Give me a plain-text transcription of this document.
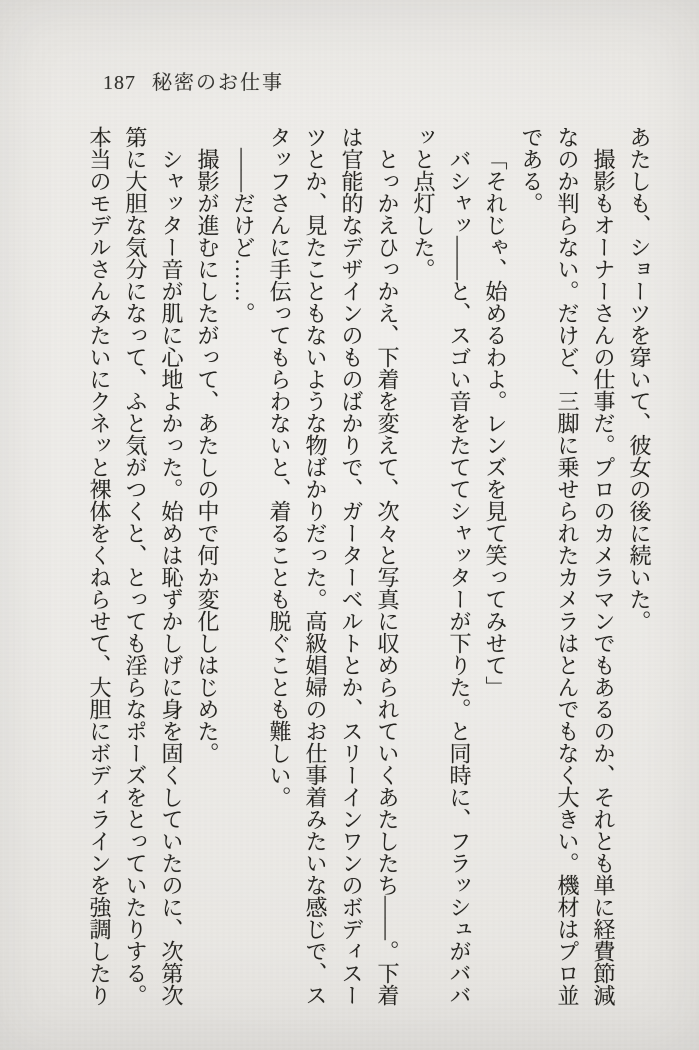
187 秘密のお仕事

あたしも、ショーツを穿いて、彼女の後に続いた。

撮影もオーナーさんの仕事だ。プロのカメラマンでもあるのか、それとも単に経費節減なのか判らない。だけど、三脚に乗せられたカメラはとんでもなく大きい。機材はプロ並である。

「それじゃ、始めるわよ。レンズを見て笑ってみせて」

バシャッ――と、スゴい音をたててシャッターが下りた。と同時に、フラッシュがババッと点灯した。

とっかえひっかえ、下着を変えて、次々と写真に収められていくあたしたち――。下着は官能的なデザインのものばかりで、ガーターベルトとか、スリーインワンのボディスーツとか、見たこともないような物ばかりだった。高級娼婦のお仕事着みたいな感じで、スタッフさんに手伝ってもらわないと、着ることも脱ぐことも難しい。

――だけど……。

撮影が進むにしたがって、あたしの中で何か変化しはじめた。

シャッター音が肌に心地よかった。始めは恥ずかしげに身を固くしていたのに、次第次第に大胆な気分になって、ふと気がつくと、とっても淫らなポーズをとっていたりする。本当のモデルさんみたいにクネッと裸体をくねらせて、大胆にボディラインを強調したり
